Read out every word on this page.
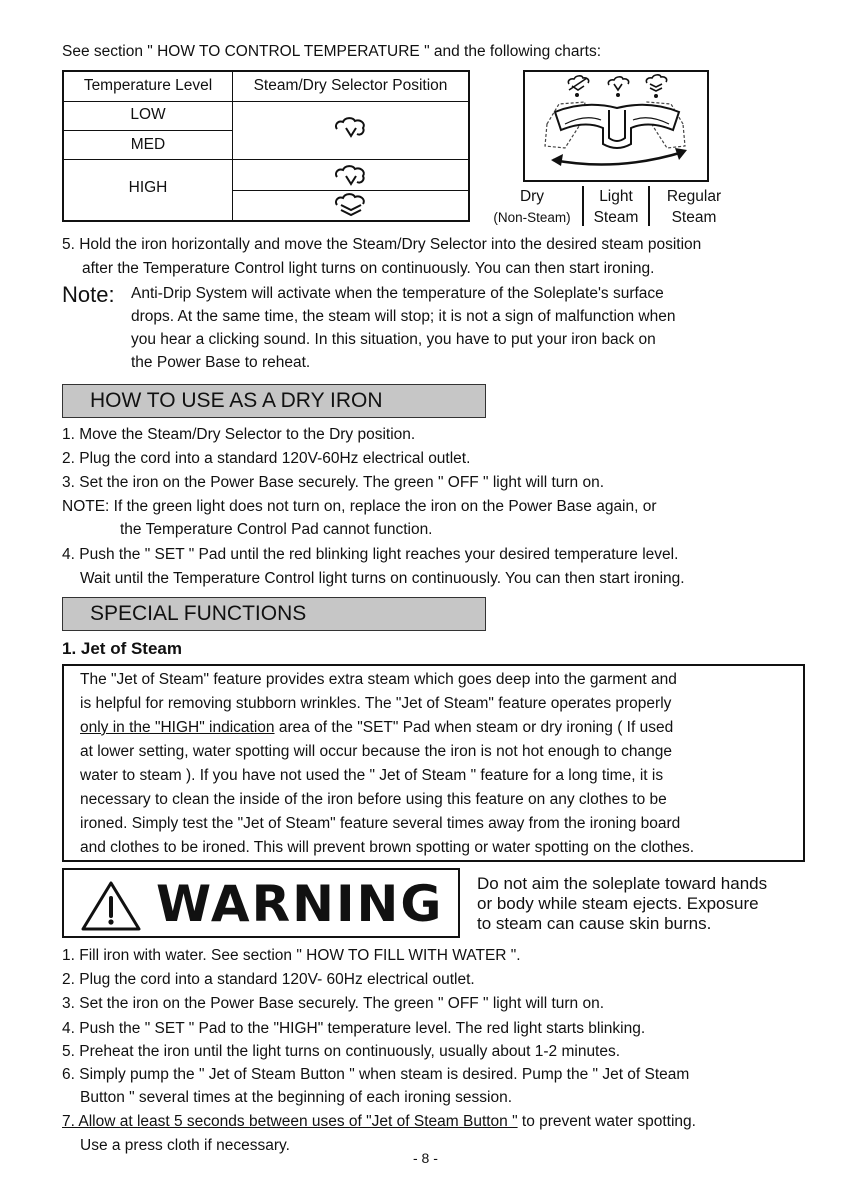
See section " HOW TO CONTROL TEMPERATURE " and the following charts:
Temperature Level	Steam/Dry Selector Position
LOW
MED
HIGH
Dry
(Non-Steam)
Light
Steam
Regular
Steam
5. Hold the iron horizontally and move the Steam/Dry Selector into the desired steam position
after the Temperature Control light turns on continuously. You can then start ironing.
Note: Anti-Drip System will activate when the temperature of the Soleplate's surface
drops. At the same time, the steam will stop; it is not a sign of malfunction when
you hear a clicking sound. In this situation, you have to put your iron back on
the Power Base to reheat.
HOW TO USE AS A DRY IRON
1. Move the Steam/Dry Selector to the Dry position.
2. Plug the cord into a standard 120V-60Hz electrical outlet.
3. Set the iron on the Power Base securely. The green " OFF " light will turn on.
NOTE: If the green light does not turn on, replace the iron on the Power Base again, or
the Temperature Control Pad cannot function.
4. Push the " SET " Pad until the red blinking light reaches your desired temperature level.
Wait until the Temperature Control light turns on continuously. You can then start ironing.
SPECIAL FUNCTIONS
1. Jet of Steam
The "Jet of Steam" feature provides extra steam which goes deep into the garment and
is helpful for removing stubborn wrinkles. The "Jet of Steam" feature operates properly
only in the "HIGH" indication area of the "SET" Pad when steam or dry ironing ( If used
at lower setting, water spotting will occur because the iron is not hot enough to change
water to steam ). If you have not used the " Jet of Steam " feature for a long time, it is
necessary to clean the inside of the iron before using this feature on any clothes to be
ironed. Simply test the "Jet of Steam" feature several times away from the ironing board
and clothes to be ironed. This will prevent brown spotting or water spotting on the clothes.
WARNING Do not aim the soleplate toward hands
or body while steam ejects. Exposure
to steam can cause skin burns.
1. Fill iron with water. See section " HOW TO FILL WITH WATER ".
2. Plug the cord into a standard 120V- 60Hz electrical outlet.
3. Set the iron on the Power Base securely. The green " OFF " light will turn on.
4. Push the " SET " Pad to the "HIGH" temperature level. The red light starts blinking.
5. Preheat the iron until the light turns on continuously, usually about 1-2 minutes.
6. Simply pump the " Jet of Steam Button " when steam is desired. Pump the " Jet of Steam
Button " several times at the beginning of each ironing session.
7. Allow at least 5 seconds between uses of "Jet of Steam Button " to prevent water spotting.
Use a press cloth if necessary.
- 8 -
